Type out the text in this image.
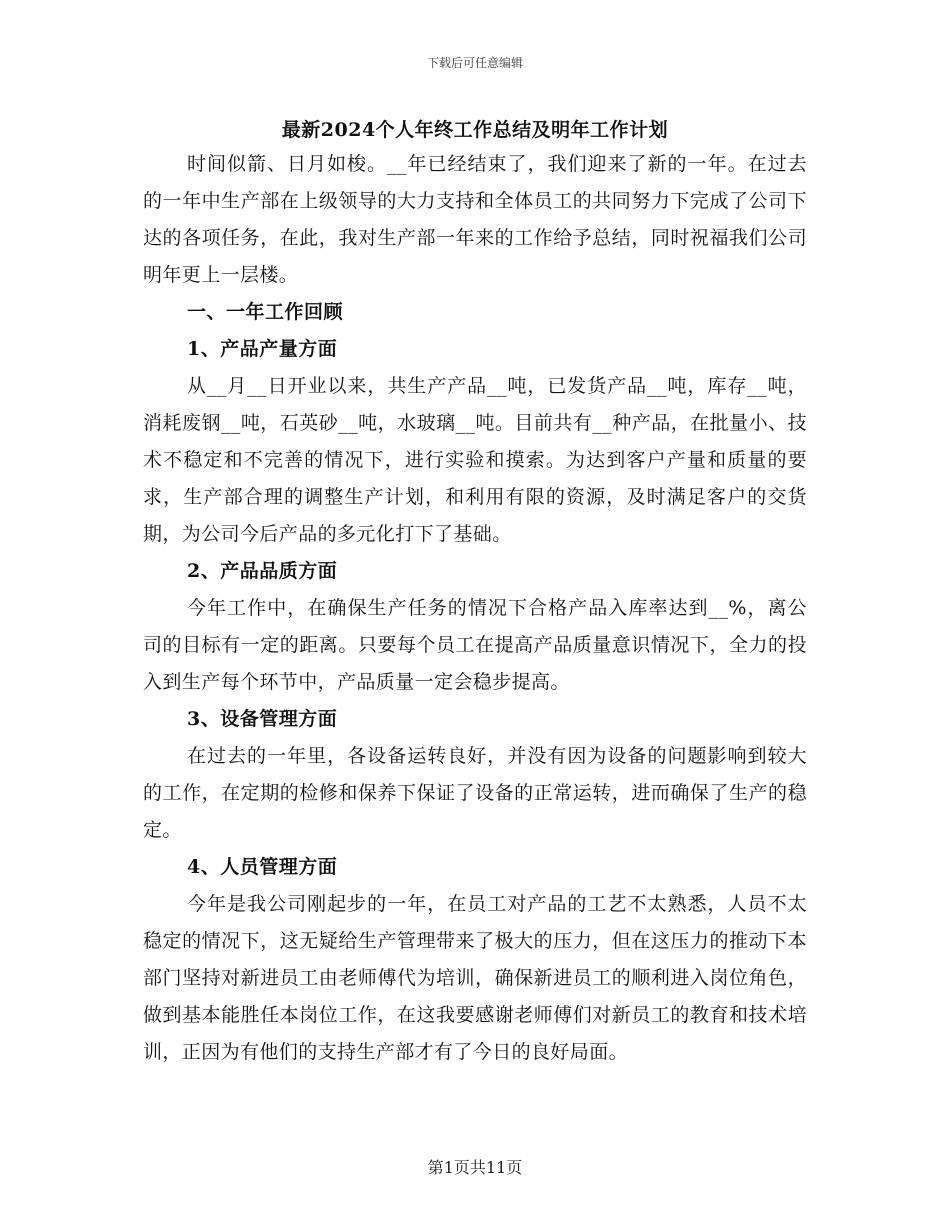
下载后可任意编辑
最新2024个人年终工作总结及明年工作计划

时间似箭、日月如梭。__年已经结束了，我们迎来了新的一年。在过去的一年中生产部在上级领导的大力支持和全体员工的共同努力下完成了公司下达的各项任务，在此，我对生产部一年来的工作给予总结，同时祝福我们公司明年更上一层楼。

一、一年工作回顾
1、产品产量方面

从__月__日开业以来，共生产产品__吨，已发货产品__吨，库存__吨，消耗废钢__吨，石英砂__吨，水玻璃__吨。目前共有__种产品，在批量小、技术不稳定和不完善的情况下，进行实验和摸索。为达到客户产量和质量的要求，生产部合理的调整生产计划，和利用有限的资源，及时满足客户的交货期，为公司今后产品的多元化打下了基础。

2、产品品质方面

今年工作中，在确保生产任务的情况下合格产品入库率达到__%，离公司的目标有一定的距离。只要每个员工在提高产品质量意识情况下，全力的投入到生产每个环节中，产品质量一定会稳步提高。

3、设备管理方面

在过去的一年里，各设备运转良好，并没有因为设备的问题影响到较大的工作，在定期的检修和保养下保证了设备的正常运转，进而确保了生产的稳定。

4、人员管理方面

今年是我公司刚起步的一年，在员工对产品的工艺不太熟悉，人员不太稳定的情况下，这无疑给生产管理带来了极大的压力，但在这压力的推动下本部门坚持对新进员工由老师傅代为培训，确保新进员工的顺利进入岗位角色，做到基本能胜任本岗位工作，在这我要感谢老师傅们对新员工的教育和技术培训，正因为有他们的支持生产部才有了今日的良好局面。

第1页共11页
